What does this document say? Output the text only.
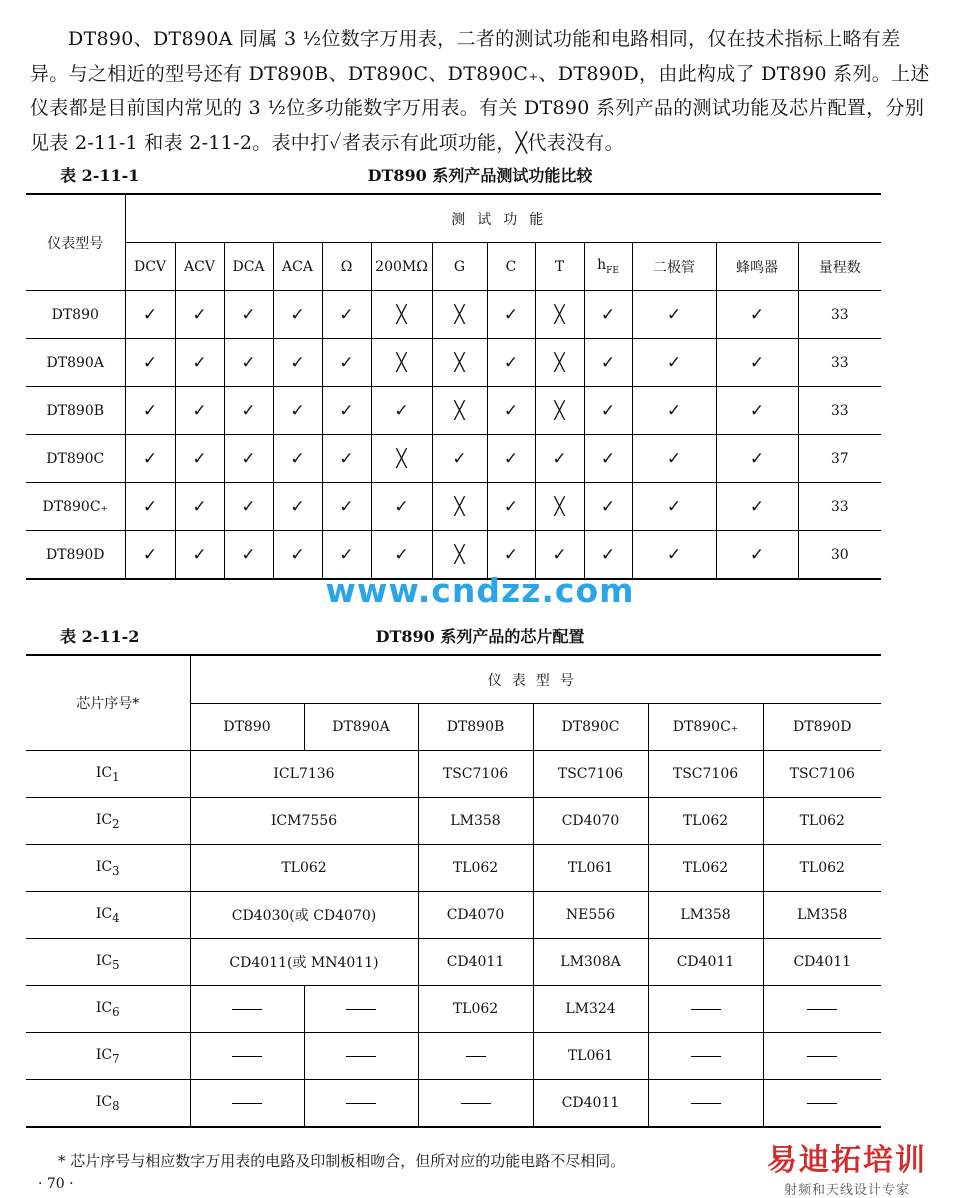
DT890、DT890A 同属 3 ½位数字万用表，二者的测试功能和电路相同，仅在技术指标上略有差异。与之相近的型号还有 DT890B、DT890C、DT890C₊、DT890D，由此构成了 DT890 系列。上述仪表都是目前国内常见的 3 ½位多功能数字万用表。有关 DT890 系列产品的测试功能及芯片配置，分别见表 2-11-1 和表 2-11-2。表中打✓者表示有此项功能，╳代表没有。
表 2-11-1	DT890 系列产品测试功能比较
仪表型号	测试功能												
	DCV	ACV	DCA	ACA	Ω	200MΩ	G	C	T	$h_{FE}$	二极管	蜂鸣器	量程数
DT890	✓	✓	✓	✓	✓	╳	╳	✓	╳	✓	✓	✓	33
DT890A	✓	✓	✓	✓	✓	╳	╳	✓	╳	✓	✓	✓	33
DT890B	✓	✓	✓	✓	✓	✓	╳	✓	╳	✓	✓	✓	33
DT890C	✓	✓	✓	✓	✓	╳	✓	✓	✓	✓	✓	✓	37
DT890C₊	✓	✓	✓	✓	✓	✓	╳	✓	╳	✓	✓	✓	33
DT890D	✓	✓	✓	✓	✓	✓	╳	✓	✓	✓	✓	✓	30
www.cndzz.com
表 2-11-2	DT890 系列产品的芯片配置
芯片序号*	仪表型号					
	DT890	DT890A	DT890B	DT890C	DT890C₊	DT890D
$IC_1$	ICL7136		TSC7106	TSC7106	TSC7106	TSC7106
$IC_2$	ICM7556		LM358	CD4070	TL062	TL062
$IC_3$	TL062		TL062	TL061	TL062	TL062
$IC_4$	CD4030(或 CD4070)		CD4070	NE556	LM358	LM358
$IC_5$	CD4011(或 MN4011)		CD4011	LM308A	CD4011	CD4011
$IC_6$			TL062	LM324		
$IC_7$				TL061		
$IC_8$				CD4011		
* 芯片序号与相应数字万用表的电路及印制板相吻合，但所对应的功能电路不尽相同。
· 70 ·
易迪拓培训
射频和天线设计专家
